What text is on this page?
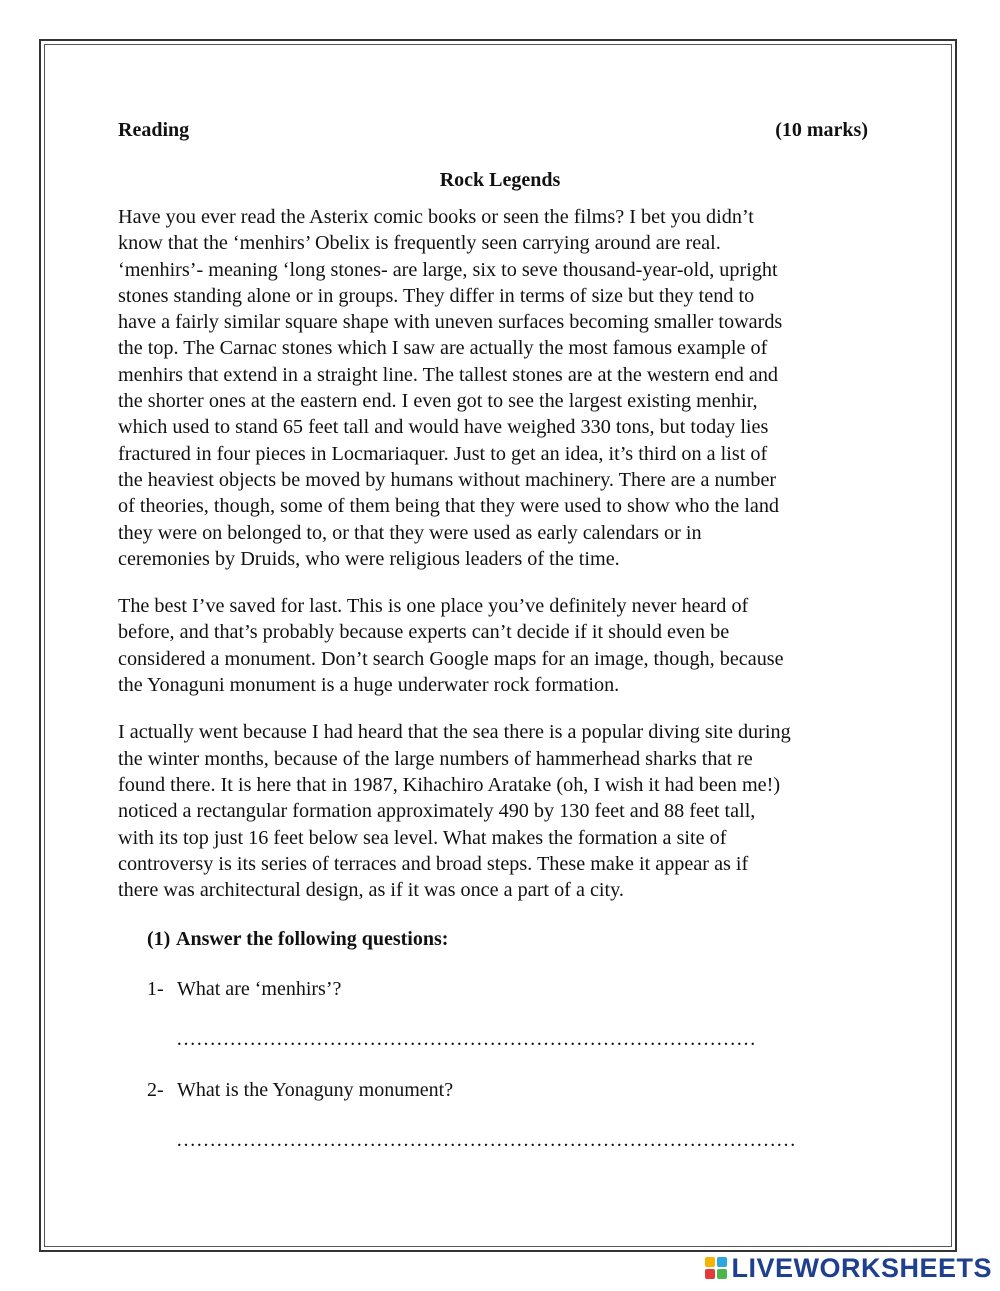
Reading	(10 marks)
Rock Legends
Have you ever read the Asterix comic books or seen the films? I bet you didn’t
know that the ‘menhirs’ Obelix is frequently seen carrying around are real.
‘menhirs’- meaning ‘long stones- are large, six to seve thousand-year-old, upright
stones standing alone or in groups. They differ in terms of size but they tend to
have a fairly similar square shape with uneven surfaces becoming smaller towards
the top. The Carnac stones which I saw are actually the most famous example of
menhirs that extend in a straight line. The tallest stones are at the western end and
the shorter ones at the eastern end. I even got to see the largest existing menhir,
which used to stand 65 feet tall and would have weighed 330 tons, but today lies
fractured in four pieces in Locmariaquer. Just to get an idea, it’s third on a list of
the heaviest objects be moved by humans without machinery. There are a number
of theories, though, some of them being that they were used to show who the land
they were on belonged to, or that they were used as early calendars or in
ceremonies by Druids, who were religious leaders of the time.
The best I’ve saved for last. This is one place you’ve definitely never heard of
before, and that’s probably because experts can’t decide if it should even be
considered a monument. Don’t search Google maps for an image, though, because
the Yonaguni monument is a huge underwater rock formation.
I actually went because I had heard that the sea there is a popular diving site during
the winter months, because of the large numbers of hammerhead sharks that re
found there. It is here that in 1987, Kihachiro Aratake (oh, I wish it had been me!)
noticed a rectangular formation approximately 490 by 130 feet and 88 feet tall,
with its top just 16 feet below sea level. What makes the formation a site of
controversy is its series of terraces and broad steps. These make it appear as if
there was architectural design, as if it was once a part of a city.
(1) Answer the following questions:
1- What are ‘menhirs’?
……………………………………………………………………………
2- What is the Yonaguny monument?
…………………………………………………………………………………
LIVEWORKSHEETS
